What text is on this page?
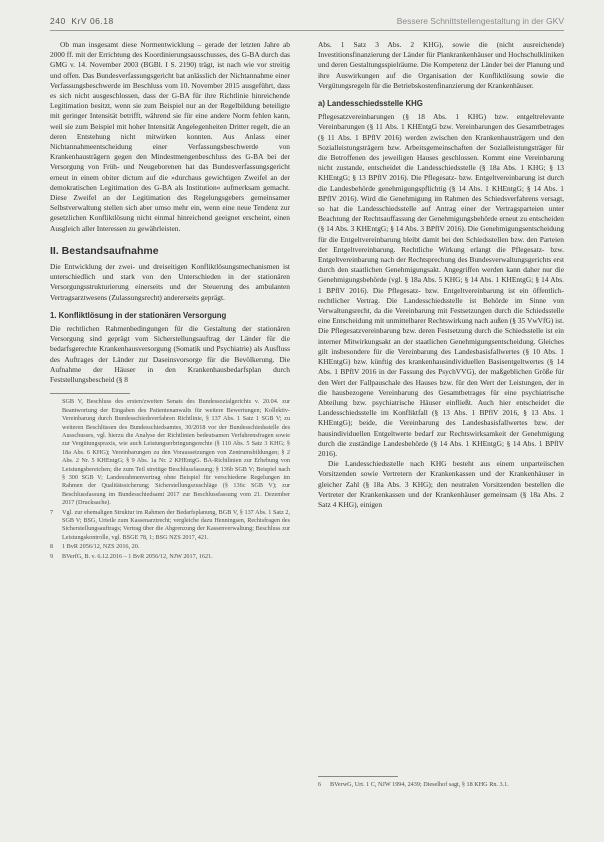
240 KrV 06.18	Bessere Schnittstellengestaltung in der GKV

Ob man insgesamt diese Normentwicklung – gerade der letzten Jahre ab 2000 ff. mit der Errichtung des Koordinierungsausschusses, des G-BA durch das GMG v. 14. November 2003 (BGBl. I S. 2190) trägt, ist nach wie vor streitig und offen. Das Bundesverfassungsgericht hat anlässlich der Nichtannahme einer Verfassungsbeschwerde im Beschluss vom 10. November 2015 ausgeführt, dass es sich nicht ausgeschlossen, dass der G-BA für ihre Richtlinie hinreichende Legitimation besitzt, wenn sie zum Beispiel nur an der Regelbildung beteiligte mit geringer Intensität betrifft, während sie für eine andere Norm fehlen kann, weil sie zum Beispiel mit hoher Intensität Angelegenheiten Dritter regelt, die an deren Entstehung nicht mitwirken konnten. Aus Anlass einer Nichtannahmeentscheidung einer Verfassungsbeschwerde von Krankenhausträgern gegen den Mindestmengenbeschluss des G-BA bei der Versorgung von Früh- und Neugeborenen hat das Bundesverfassungsgericht erneut in einem obiter dictum auf die »durchaus gewichtigen Zweifel an der demokratischen Legitimation des G-BA als Institution« aufmerksam gemacht. Diese Zweifel an der Legitimation des Regelungsgebers gemeinsamer Selbstverwaltung stellen sich aber umso mehr ein, wenn eine neue Tendenz zur gesetzlichen Konfliktlösung nicht einmal hinreichend geeignet erscheint, einen Ausgleich aller Interessen zu gewährleisten.

II. Bestandsaufnahme

Die Entwicklung der zwei- und dreiseitigen Konfliktlösungsmechanismen ist unterschiedlich und stark von den Unterschieden in der stationären Versorgungsstrukturierung einerseits und der Steuerung des ambulanten Vertragsarztwesens (Zulassungsrecht) andererseits geprägt.

1. Konfliktlösung in der stationären Versorgung

Die rechtlichen Rahmenbedingungen für die Gestaltung der stationären Versorgung sind geprägt vom Sicherstellungsauftrag der Länder für die bedarfsgerechte Krankenhausversorgung (Somatik und Psychiatrie) als Ausfluss des Auftrages der Länder zur Daseinsvorsorge für die Bevölkerung. Die Aufnahme der Häuser in den Krankenhausbedarfsplan durch Feststellungsbescheid (§ 8

SGB V, Beschluss des ersten/zweiten Senats des Bundessozialgerichts v. 20.04. zur Beantwortung der Eingaben des Patientenanwalts für weitere Bewertungen; Kollektiv-Vereinbarung durch Bundesschiedsverfahren Richtlinie, § 137 Abs. 1 Satz 1 SGB V; zu weiteren Beschlüssen des Bundesschiedsamtes, 30/2018 vor der Bundesschiedsstelle des Ausschusses, vgl. hierzu die Analyse der Richtlinien bedeutsamen Verfahrensfragen sowie zur Vergütungspraxis, wie auch Leistungserbringungsrechte (§ 110 Abs. 5 Satz 3 KHG; § 18a Abs. 6 KHG); Vereinbarungen zu den Voraussetzungen von Zentrumsbildungen; § 2 Abs. 2 Nr. 5 KHEntgG; § 9 Abs. 1a Nr. 2 KHEntgG. BA-Richtlinien zur Erhebung von Leistungsbereichen; die zum Teil streitige Beschlussfassung; § 136b SGB V; Beispiel nach § 300 SGB V; Landesrahmenvertrag ohne Beispiel für verschiedene Regelungen im Rahmen der Qualitätssicherung; Sicherstellungszuschläge (§ 136c SGB V); zur Beschlussfassung im Bundesschiedsamt 2017 zur Beschlussfassung vom 21. Dezember 2017 (Drucksache).
7	Vgl. zur ehemaligen Struktur im Rahmen der Bedarfsplanung, BGB V, § 137 Abs. 1 Satz 2, SGB V; BSG, Urteile zum Kassenarztrecht; vergleiche dazu Henningsen, Rechtsfragen des Sicherstellungsauftrags; Vertrag über die Abgrenzung der Kassenverwaltung; Beschluss zur Leistungskontrolle, vgl. BSGE 78, 1; BSG NZS 2017, 421.
8	1 BvR 2056/12, NZS 2016, 20.
9	BVerfG, B. v. 6.12.2016 – 1 BvR 2056/12, NJW 2017, 1621.

Abs. 1 Satz 3 Abs. 2 KHG), sowie die (nicht ausreichende) Investitionsfinanzierung der Länder für Plankrankenhäuser und Hochschulkliniken und deren Gestaltungsspielräume. Die Kompetenz der Länder bei der Planung und ihre Auswirkungen auf die Organisation der Konfliktlösung sowie die Vergütungsregeln für die Betriebskostenfinanzierung der Krankenhäuser.

a) Landesschiedsstelle KHG

Pflegesatzvereinbarungen (§ 18 Abs. 1 KHG) bzw. entgeltrelevante Vereinbarungen (§ 11 Abs. 1 KHEntgG bzw. Vereinbarungen des Gesamtbetrages (§ 11 Abs. 1 BPflV 2016) werden zwischen den Krankenhausträgern und den Sozialleistungsträgern bzw. Arbeitsgemeinschaften der Sozialleistungsträger für die Betroffenen des jeweiligen Hauses geschlossen. Kommt eine Vereinbarung nicht zustande, entscheidet die Landesschiedsstelle (§ 18a Abs. 1 KHG; § 13 KHEntgG; § 13 BPflV 2016). Die Pflegesatz- bzw. Entgeltvereinbarung ist durch die Landesbehörde genehmigungspflichtig (§ 14 Abs. 1 KHEntgG; § 14 Abs. 1 BPflV 2016). Wird die Genehmigung im Rahmen des Schiedsverfahrens versagt, so hat die Landesschiedsstelle auf Antrag einer der Vertragsparteien unter Beachtung der Rechtsauffassung der Genehmigungsbehörde erneut zu entscheiden (§ 14 Abs. 3 KHEntgG; § 14 Abs. 3 BPflV 2016). Die Genehmigungsentscheidung für die Entgeltvereinbarung bleibt damit bei den Schiedsstellen bzw. den Parteien der Entgeltvereinbarung. Rechtliche Wirkung erlangt die Pflegesatz- bzw. Entgeltvereinbarung nach der Rechtsprechung des Bundesverwaltungsgerichts erst durch den staatlichen Genehmigungsakt. Angegriffen werden kann daher nur die Genehmigungsbehörde (vgl. § 18a Abs. 5 KHG; § 14 Abs. 1 KHEntgG; § 14 Abs. 1 BPflV 2016). Die Pflegesatz- bzw. Entgeltvereinbarung ist ein öffentlich-rechtlicher Vertrag. Die Landesschiedsstelle ist Behörde im Sinne von Verwaltungsrecht, da die Vereinbarung mit Festsetzungen durch die Schiedsstelle eine Entscheidung mit unmittelbarer Rechtswirkung nach außen (§ 35 VwVfG) ist. Die Pflegesatzvereinbarung bzw. deren Festsetzung durch die Schiedsstelle ist ein interner Mitwirkungsakt an der staatlichen Genehmigungsentscheidung. Gleiches gilt insbesondere für die Vereinbarung des Landesbasisfallwertes (§ 10 Abs. 1 KHEntgG) bzw. künftig des krankenhausindividuellen Basisentgeltwertes (§ 14 Abs. 1 BPflV 2016 in der Fassung des PsychVVG), der maßgeblichen Größe für den Wert der Fallpauschale des Hauses bzw. für den Wert der Leistungen, der in die hausbezogene Vereinbarung des Gesamtbetrages für eine psychiatrische Abteilung bzw. psychiatrische Häuser einfließt. Auch hier entscheidet die Landesschiedsstelle im Konfliktfall (§ 13 Abs. 1 BPflV 2016, § 13 Abs. 1 KHEntgG); beide, die Vereinbarung des Landesbasisfallwertes bzw. der hausindividuellen Entgeltwerte bedarf zur Rechtswirksamkeit der Genehmigung durch die zuständige Landesbehörde (§ 14 Abs. 1 KHEntgG; § 14 Abs. 1 BPflV 2016).

Die Landesschiedsstelle nach KHG besteht aus einem unparteiischen Vorsitzenden sowie Vertretern der Krankenkassen und der Krankenhäuser in gleicher Zahl (§ 18a Abs. 3 KHG); den neutralen Vorsitzenden bestellen die Vertreter der Krankenkassen und der Krankenhäuser gemeinsam (§ 18a Abs. 2 Satz 4 KHG), einigen

6	BVerwG, Urt. 1 C, NJW 1994, 2439; Dieselhof sagt, § 18 KHG Rn. 3.1.
